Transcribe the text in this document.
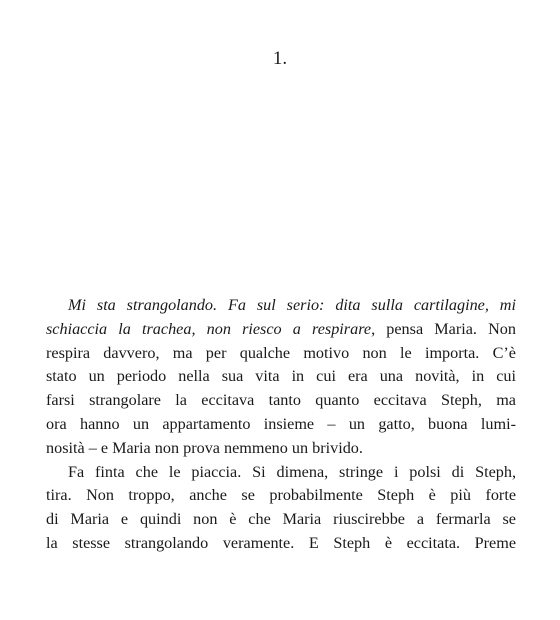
1.
Mi sta strangolando. Fa sul serio: dita sulla cartilagine, mi
schiaccia la trachea, non riesco a respirare, pensa Maria. Non
respira davvero, ma per qualche motivo non le importa. C’è
stato un periodo nella sua vita in cui era una novità, in cui
farsi strangolare la eccitava tanto quanto eccitava Steph, ma
ora hanno un appartamento insieme – un gatto, buona lumi-
nosità – e Maria non prova nemmeno un brivido.
Fa finta che le piaccia. Si dimena, stringe i polsi di Steph,
tira. Non troppo, anche se probabilmente Steph è più forte
di Maria e quindi non è che Maria riuscirebbe a fermarla se
la stesse strangolando veramente. E Steph è eccitata. Preme
